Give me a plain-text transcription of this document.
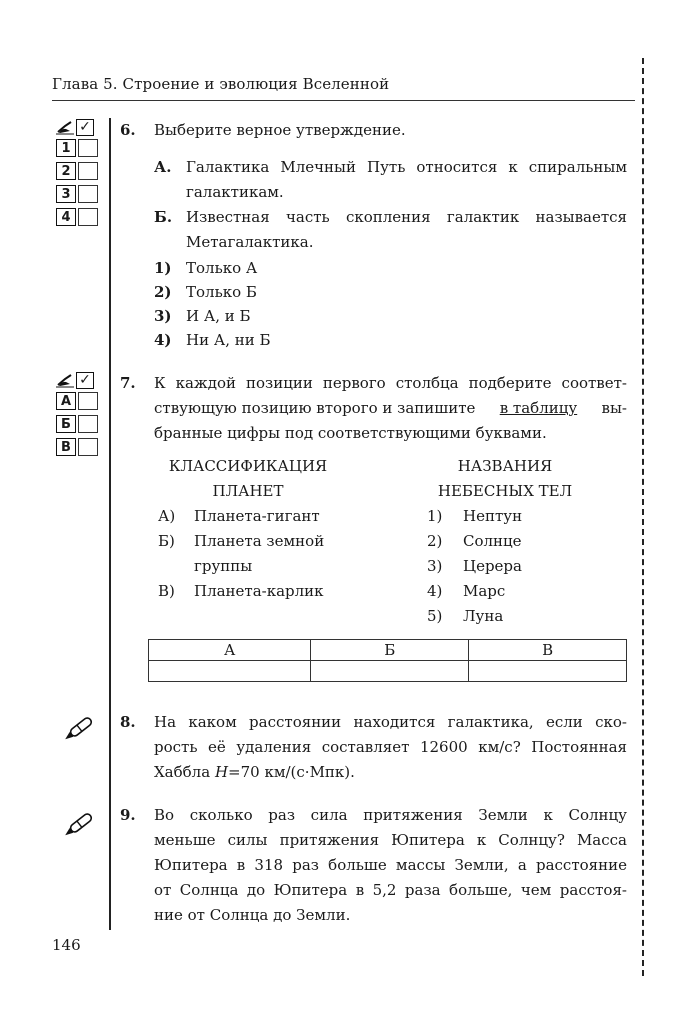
Глава 5. Строение и эволюция Вселенной
✓
1
2
3
4
6. Выберите верное утверждение.
А. Галактика Млечный Путь относится к спиральным
галактикам.
Б. Известная часть скопления галактик называется
Метагалактика.
1) Только А
2) Только Б
3) И А, и Б
4) Ни А, ни Б
✓
А
Б
В
7. К каждой позиции первого столбца подберите соответ-
ствующую позицию второго и запишите в таблицу вы-
бранные цифры под соответствующими буквами.
КЛАССИФИКАЦИЯ
ПЛАНЕТ
А)	Планета-гигант
Б)	Планета земной
группы
В)	Планета-карлик
НАЗВАНИЯ
НЕБЕСНЫХ ТЕЛ
1)	Нептун
2)	Солнце
3)	Церера
4)	Марс
5)	Луна
А	Б	В

8. На каком расстоянии находится галактика, если ско-
рость её удаления составляет 12600 км/с? Постоянная
Хаббла H=70 км/(с·Мпк).
9. Во сколько раз сила притяжения Земли к Солнцу
меньше силы притяжения Юпитера к Солнцу? Масса
Юпитера в 318 раз больше массы Земли, а расстояние
от Солнца до Юпитера в 5,2 раза больше, чем расстоя-
ние от Солнца до Земли.
146
